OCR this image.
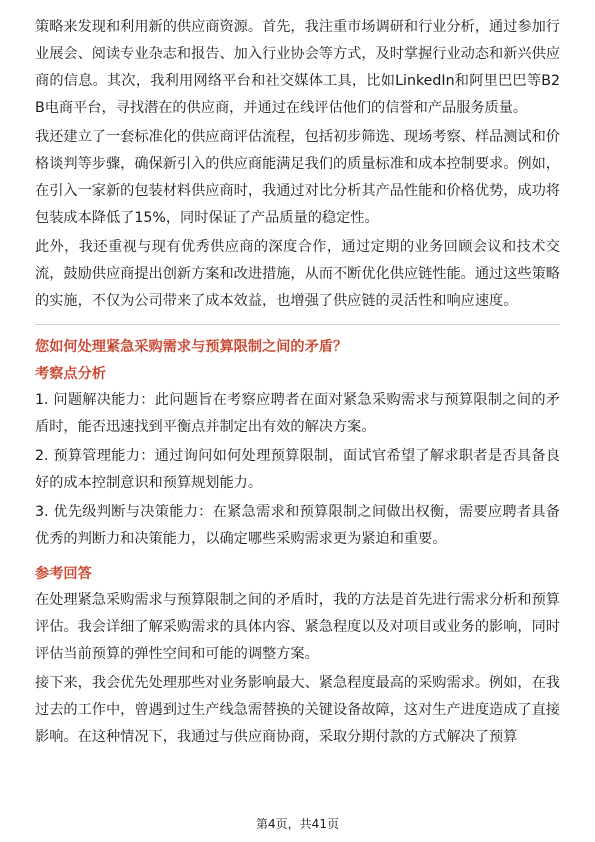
策略来发现和利用新的供应商资源。首先，我注重市场调研和行业分析，通过参加行业展会、阅读专业杂志和报告、加入行业协会等方式，及时掌握行业动态和新兴供应商的信息。其次，我利用网络平台和社交媒体工具，比如LinkedIn和阿里巴巴等B2B电商平台，寻找潜在的供应商，并通过在线评估他们的信誉和产品服务质量。

我还建立了一套标准化的供应商评估流程，包括初步筛选、现场考察、样品测试和价格谈判等步骤，确保新引入的供应商能满足我们的质量标准和成本控制要求。例如，在引入一家新的包装材料供应商时，我通过对比分析其产品性能和价格优势，成功将包装成本降低了15%，同时保证了产品质量的稳定性。

此外，我还重视与现有优秀供应商的深度合作，通过定期的业务回顾会议和技术交流，鼓励供应商提出创新方案和改进措施，从而不断优化供应链性能。通过这些策略的实施，不仅为公司带来了成本效益，也增强了供应链的灵活性和响应速度。

您如何处理紧急采购需求与预算限制之间的矛盾？
考察点分析

1. 问题解决能力：此问题旨在考察应聘者在面对紧急采购需求与预算限制之间的矛盾时，能否迅速找到平衡点并制定出有效的解决方案。

2. 预算管理能力：通过询问如何处理预算限制，面试官希望了解求职者是否具备良好的成本控制意识和预算规划能力。

3. 优先级判断与决策能力：在紧急需求和预算限制之间做出权衡，需要应聘者具备优秀的判断力和决策能力，以确定哪些采购需求更为紧迫和重要。

参考回答

在处理紧急采购需求与预算限制之间的矛盾时，我的方法是首先进行需求分析和预算评估。我会详细了解采购需求的具体内容、紧急程度以及对项目或业务的影响，同时评估当前预算的弹性空间和可能的调整方案。

接下来，我会优先处理那些对业务影响最大、紧急程度最高的采购需求。例如，在我过去的工作中，曾遇到过生产线急需替换的关键设备故障，这对生产进度造成了直接影响。在这种情况下，我通过与供应商协商，采取分期付款的方式解决了预算

第4页，共41页
